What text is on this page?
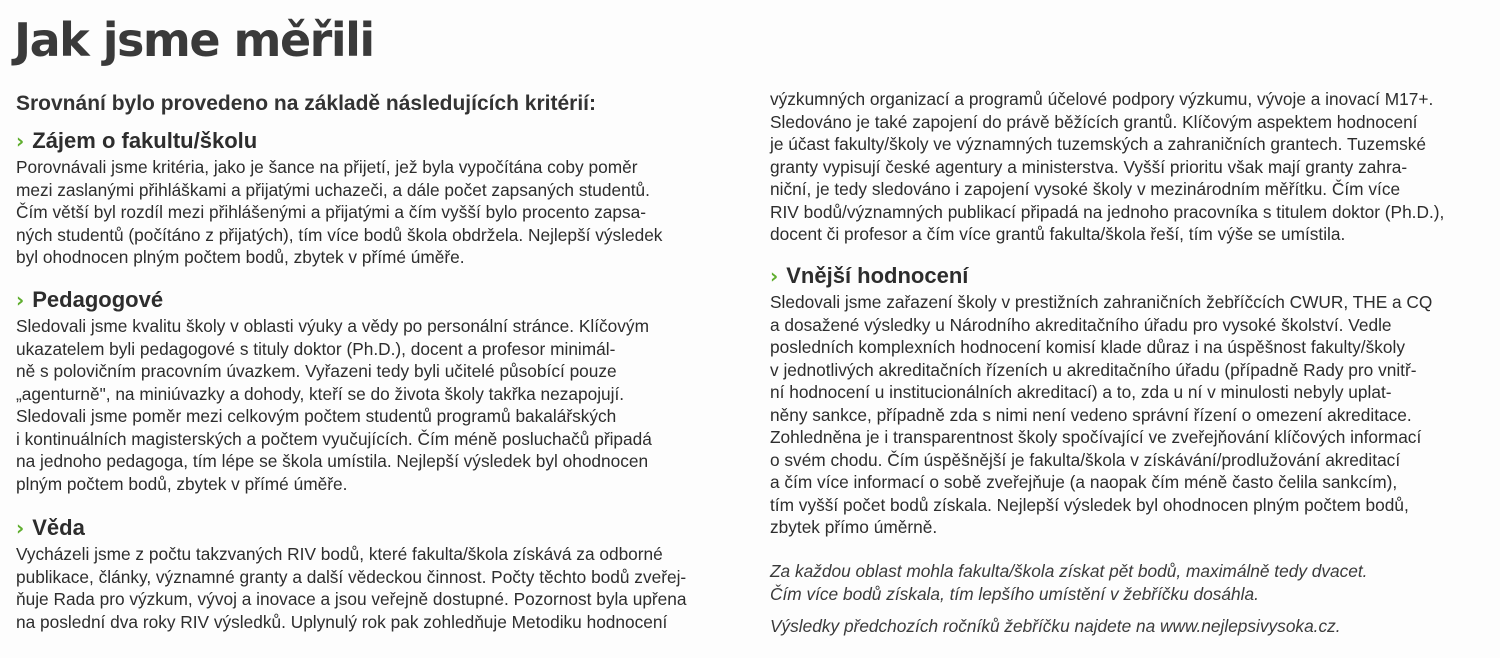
Jak jsme měřili
Srovnání bylo provedeno na základě následujících kritérií:
› Zájem o fakultu/školu
Porovnávali jsme kritéria, jako je šance na přijetí, jež byla vypočítána coby poměr
mezi zaslanými přihláškami a přijatými uchazeči, a dále počet zapsaných studentů.
Čím větší byl rozdíl mezi přihlášenými a přijatými a čím vyšší bylo procento zapsa-
ných studentů (počítáno z přijatých), tím více bodů škola obdržela. Nejlepší výsledek
byl ohodnocen plným počtem bodů, zbytek v přímé úměře.
› Pedagogové
Sledovali jsme kvalitu školy v oblasti výuky a vědy po personální stránce. Klíčovým
ukazatelem byli pedagogové s tituly doktor (Ph.D.), docent a profesor minimál-
ně s polovičním pracovním úvazkem. Vyřazeni tedy byli učitelé působící pouze
„agenturně", na miniúvazky a dohody, kteří se do života školy takřka nezapojují.
Sledovali jsme poměr mezi celkovým počtem studentů programů bakalářských
i kontinuálních magisterských a počtem vyučujících. Čím méně posluchačů připadá
na jednoho pedagoga, tím lépe se škola umístila. Nejlepší výsledek byl ohodnocen
plným počtem bodů, zbytek v přímé úměře.
› Věda
Vycházeli jsme z počtu takzvaných RIV bodů, které fakulta/škola získává za odborné
publikace, články, významné granty a další vědeckou činnost. Počty těchto bodů zveřej-
ňuje Rada pro výzkum, vývoj a inovace a jsou veřejně dostupné. Pozornost byla upřena
na poslední dva roky RIV výsledků. Uplynulý rok pak zohledňuje Metodiku hodnocení
výzkumných organizací a programů účelové podpory výzkumu, vývoje a inovací M17+.
Sledováno je také zapojení do právě běžících grantů. Klíčovým aspektem hodnocení
je účast fakulty/školy ve významných tuzemských a zahraničních grantech. Tuzemské
granty vypisují české agentury a ministerstva. Vyšší prioritu však mají granty zahra-
niční, je tedy sledováno i zapojení vysoké školy v mezinárodním měřítku. Čím více
RIV bodů/významných publikací připadá na jednoho pracovníka s titulem doktor (Ph.D.),
docent či profesor a čím více grantů fakulta/škola řeší, tím výše se umístila.
› Vnější hodnocení
Sledovali jsme zařazení školy v prestižních zahraničních žebříčcích CWUR, THE a CQ
a dosažené výsledky u Národního akreditačního úřadu pro vysoké školství. Vedle
posledních komplexních hodnocení komisí klade důraz i na úspěšnost fakulty/školy
v jednotlivých akreditačních řízeních u akreditačního úřadu (případně Rady pro vnitř-
ní hodnocení u institucionálních akreditací) a to, zda u ní v minulosti nebyly uplat-
něny sankce, případně zda s nimi není vedeno správní řízení o omezení akreditace.
Zohledněna je i transparentnost školy spočívající ve zveřejňování klíčových informací
o svém chodu. Čím úspěšnější je fakulta/škola v získávání/prodlužování akreditací
a čím více informací o sobě zveřejňuje (a naopak čím méně často čelila sankcím),
tím vyšší počet bodů získala. Nejlepší výsledek byl ohodnocen plným počtem bodů,
zbytek přímo úměrně.
Za každou oblast mohla fakulta/škola získat pět bodů, maximálně tedy dvacet.
Čím více bodů získala, tím lepšího umístění v žebříčku dosáhla.
Výsledky předchozích ročníků žebříčku najdete na www.nejlepsivysoka.cz.
